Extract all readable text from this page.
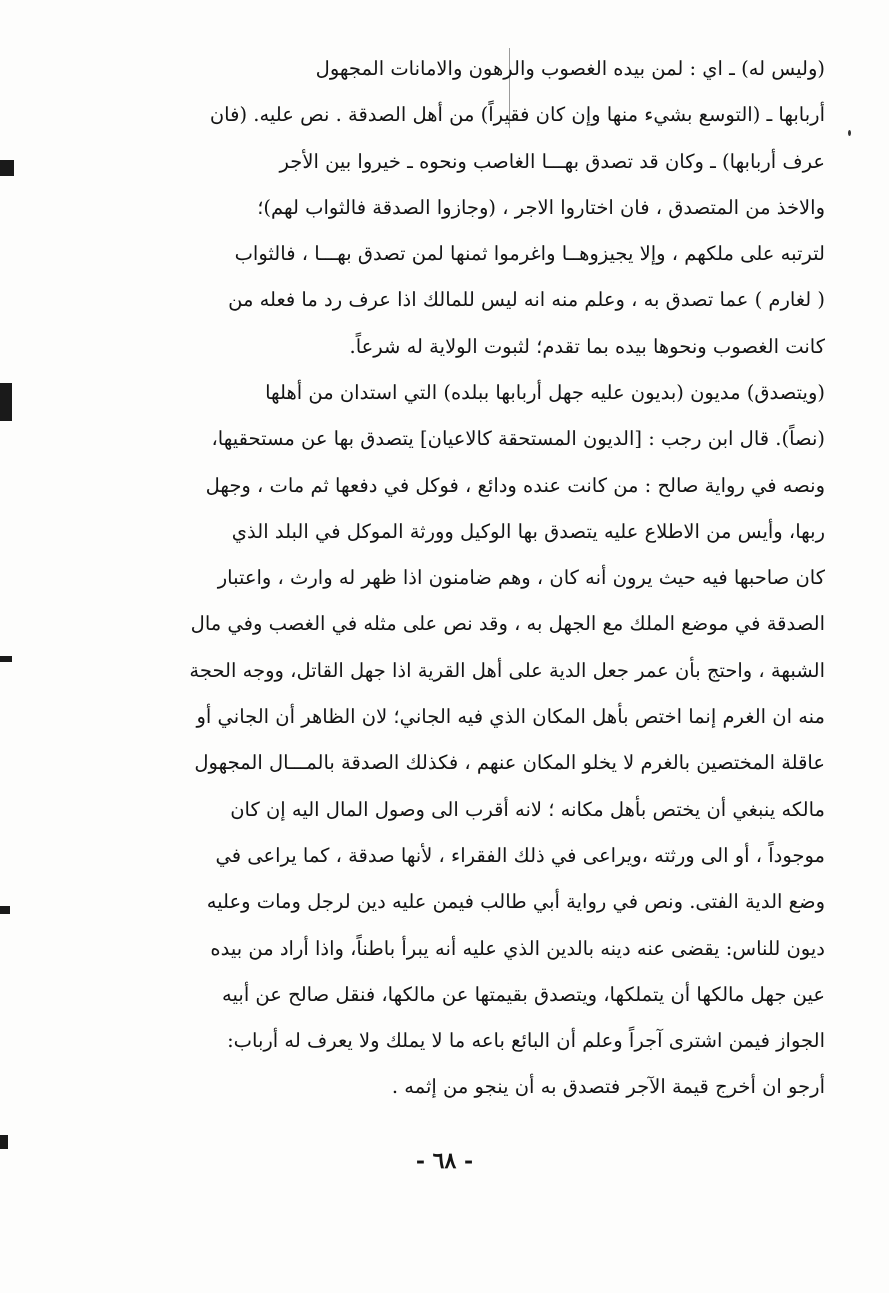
(وليس له) ـ اي : لمن بيده الغصوب والرهون والامانات المجهول
أربابها ـ (التوسع بشيء منها وإن كان فقيراً) من أهل الصدقة . نص عليه. (فان
عرف أربابها) ـ وكان قد تصدق بهـــا الغاصب ونحوه ـ خيروا بين الأجر
والاخذ من المتصدق ، فان اختاروا الاجر ، (وجازوا الصدقة فالثواب لهم)؛
لترتبه على ملكهم ، وإلا يجيزوهــا واغرموا ثمنها لمن تصدق بهـــا ، فالثواب
( لغارم ) عما تصدق به ، وعلم منه انه ليس للمالك اذا عرف رد ما فعله من
كانت الغصوب ونحوها بيده بما تقدم؛ لثبوت الولاية له شرعاً.
(ويتصدق) مديون (بديون عليه جهل أربابها ببلده) التي استدان من أهلها
(نصاً). قال ابن رجب : [الديون المستحقة كالاعيان] يتصدق بها عن مستحقيها،
ونصه في رواية صالح : من كانت عنده ودائع ، فوكل في دفعها ثم مات ، وجهل
ربها، وأيس من الاطلاع عليه يتصدق بها الوكيل وورثة الموكل في البلد الذي
كان صاحبها فيه حيث يرون أنه كان ، وهم ضامنون اذا ظهر له وارث ، واعتبار
الصدقة في موضع الملك مع الجهل به ، وقد نص على مثله في الغصب وفي مال
الشبهة ، واحتج بأن عمر جعل الدية على أهل القرية اذا جهل القاتل، ووجه الحجة
منه ان الغرم إنما اختص بأهل المكان الذي فيه الجاني؛ لان الظاهر أن الجاني أو
عاقلة المختصين بالغرم لا يخلو المكان عنهم ، فكذلك الصدقة بالمـــال المجهول
مالكه ينبغي أن يختص بأهل مكانه ؛ لانه أقرب الى وصول المال اليه إن كان
موجوداً ، أو الى ورثته ،ويراعى في ذلك الفقراء ، لأنها صدقة ، كما يراعى في
وضع الدية الفتى. ونص في رواية أبي طالب فيمن عليه دين لرجل ومات وعليه
ديون للناس: يقضى عنه دينه بالدين الذي عليه أنه يبرأ باطناً، واذا أراد من بيده
عين جهل مالكها أن يتملكها، ويتصدق بقيمتها عن مالكها، فنقل صالح عن أبيه
الجواز فيمن اشترى آجراً وعلم أن البائع باعه ما لا يملك ولا يعرف له أرباب:
أرجو ان أخرج قيمة الآجر فتصدق به أن ينجو من إثمه .
- ٦٨ -
